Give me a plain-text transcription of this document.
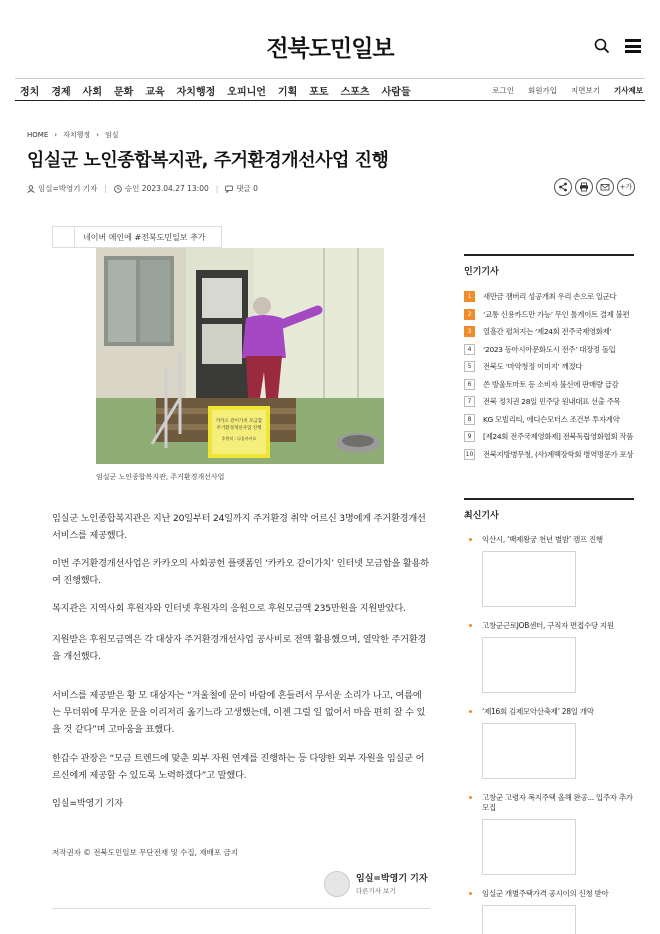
전북도민일보
정치 경제 사회 문화 교육 자치행정 오피니언 기획 포토 스포츠 사람들	로그인 회원가입 지면보기 기사제보
HOME › 자치행정 › 임실
임실군 노인종합복지관, 주거환경개선사업 진행
임실=박영기 기자 | 승인 2023.04.27 13:00 | 댓글 0	+가
네이버 메인에 #전북도민일보 추가
카카오 같이가치 모금함
주거환경개선사업 진행
후원처 : 다음카카오
임실군 노인종합복지관, 주거환경개선사업
임실군 노인종합복지관은 지난 20일부터 24일까지 주거환경 취약 어르신 3명에게 주거환경개선 서비스를 제공했다.
이번 주거환경개선사업은 카카오의 사회공헌 플랫폼인 ‘카카오 같이가치’ 인터넷 모금함을 활용하여 진행했다.
복지관은 지역사회 후원자와 인터넷 후원자의 응원으로 후원모금액 235만원을 지원받았다.
지원받은 후원모금액은 각 대상자 주거환경개선사업 공사비로 전액 활용했으며, 열악한 주거환경을 개선했다.
서비스를 제공받은 황 모 대상자는 “겨울철에 문이 바람에 흔들려서 무서운 소리가 나고, 여름에는 무더위에 무거운 문을 이리저리 옮기느라 고생했는데, 이젠 그럴 일 없어서 마음 편히 잘 수 있을 것 같다”며 고마움을 표했다.
한갑수 관장은 “모금 트렌드에 맞춘 외부 자원 연계를 진행하는 등 다양한 외부 자원을 임실군 어르신에게 제공할 수 있도록 노력하겠다”고 말했다.
임실=박영기 기자
저작권자 © 전북도민일보 무단전재 및 수집, 재배포 금지
임실=박영기 기자
다른기사 보기
인기기사
1	새만금 잼버리 성공개최 우리 손으로 일군다
2	‘교통 신용카드만 가능’ 무인 톨게이트 결제 불편
3	열흘간 펼쳐지는 ‘제24회 전주국제영화제’
4	‘2023 동아시아문화도시 전주’ 대장정 돌입
5	전북도 ‘마약청정 이미지’ 깨졌다
6	쓴 방울토마토 등 소비자 불신에 판매량 급감
7	전북 정치권 28일 민주당 원내대표 선출 주목
8	KG 모빌리티, 에디슨모터스 조건부 투자계약
9	[제24회 전주국제영화제] 전북독립영화협회 작품
10 전북지방병무청, (사)계백장학회 병역명문가 포상
최신기사
익산시, ‘백제왕궁 천년 별밤’ 캠프 진행
고창군근로JOB센터, 구직자 면접수당 지원
‘제16회 김제모악산축제’ 28일 개막
고창군 고령자 복지주택 올해 완공... 입주자 추가모집
임실군 개별주택가격 공시이의 신청 받아
